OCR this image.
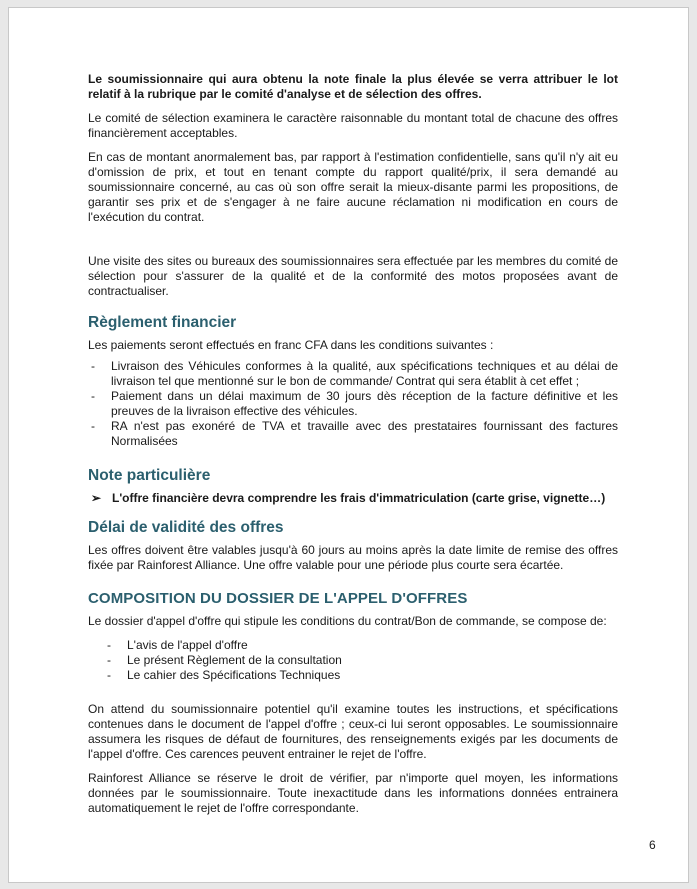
Le soumissionnaire qui aura obtenu la note finale la plus élevée se verra attribuer le lot relatif à la rubrique par le comité d'analyse et de sélection des offres.

Le comité de sélection examinera le caractère raisonnable du montant total de chacune des offres financièrement acceptables.

En cas de montant anormalement bas, par rapport à l'estimation confidentielle, sans qu'il n'y ait eu d'omission de prix, et tout en tenant compte du rapport qualité/prix, il sera demandé au soumissionnaire concerné, au cas où son offre serait la mieux-disante parmi les propositions, de garantir ses prix et de s'engager à ne faire aucune réclamation ni modification en cours de l'exécution du contrat.

Une visite des sites ou bureaux des soumissionnaires sera effectuée par les membres du comité de sélection pour s'assurer de la qualité et de la conformité des motos proposées avant de contractualiser.

Règlement financier

Les paiements seront effectués en franc CFA dans les conditions suivantes :

- Livraison des Véhicules conformes à la qualité, aux spécifications techniques et au délai de livraison tel que mentionné sur le bon de commande/ Contrat qui sera établit à cet effet ;
- Paiement dans un délai maximum de 30 jours dès réception de la facture définitive et les preuves de la livraison effective des véhicules.
- RA n'est pas exonéré de TVA et travaille avec des prestataires fournissant des factures Normalisées
Note particulière
➢ L'offre financière devra comprendre les frais d'immatriculation (carte grise, vignette…)
Délai de validité des offres

Les offres doivent être valables jusqu'à 60 jours au moins après la date limite de remise des offres fixée par Rainforest Alliance. Une offre valable pour une période plus courte sera écartée.

COMPOSITION DU DOSSIER DE L'APPEL D'OFFRES

Le dossier d'appel d'offre qui stipule les conditions du contrat/Bon de commande, se compose de:

- L'avis de l'appel d'offre
- Le présent Règlement de la consultation
- Le cahier des Spécifications Techniques

On attend du soumissionnaire potentiel qu'il examine toutes les instructions, et spécifications contenues dans le document de l'appel d'offre ; ceux-ci lui seront opposables. Le soumissionnaire assumera les risques de défaut de fournitures, des renseignements exigés par les documents de l'appel d'offre. Ces carences peuvent entrainer le rejet de l'offre.

Rainforest Alliance se réserve le droit de vérifier, par n'importe quel moyen, les informations données par le soumissionnaire. Toute inexactitude dans les informations données entrainera automatiquement le rejet de l'offre correspondante.

6
